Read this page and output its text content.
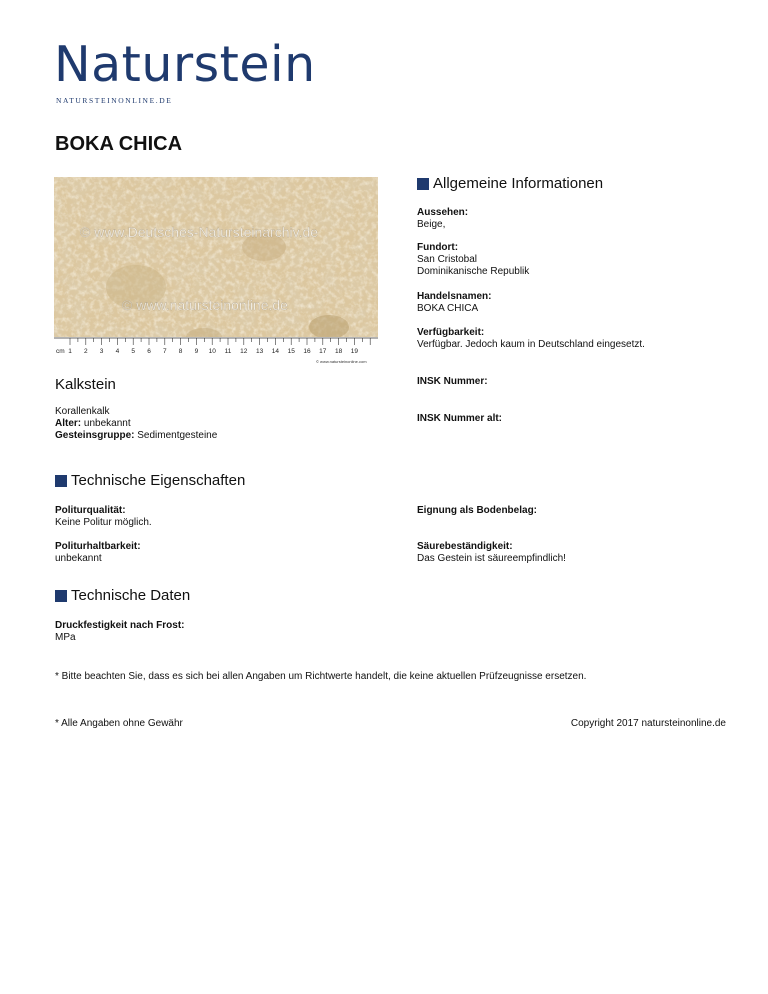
Naturstein
NATURSTEINONLINE.DE
BOKA CHICA
© www.Deutsches-Natursteinarchiv.de
© www.natursteinonline.de
cm
© www.natursteinonline.com
1 2 3 4 5 6 7 8 9 10 11 12 13 14 15 16 17 18 19
Kalkstein
Korallenkalk
Alter: unbekannt
Gesteinsgruppe: Sedimentgesteine
Allgemeine Informationen
Aussehen:
Beige,
Fundort:
San Cristobal
Dominikanische Republik
Handelsnamen:
BOKA CHICA
Verfügbarkeit:
Verfügbar. Jedoch kaum in Deutschland eingesetzt.
INSK Nummer:
INSK Nummer alt:
Technische Eigenschaften
Politurqualität:
Keine Politur möglich.
Eignung als Bodenbelag:
Politurhaltbarkeit:
unbekannt
Säurebeständigkeit:
Das Gestein ist säureempfindlich!
Technische Daten
Druckfestigkeit nach Frost:
MPa
* Bitte beachten Sie, dass es sich bei allen Angaben um Richtwerte handelt, die keine aktuellen Prüfzeugnisse ersetzen.
* Alle Angaben ohne Gewähr	Copyright 2017 natursteinonline.de
